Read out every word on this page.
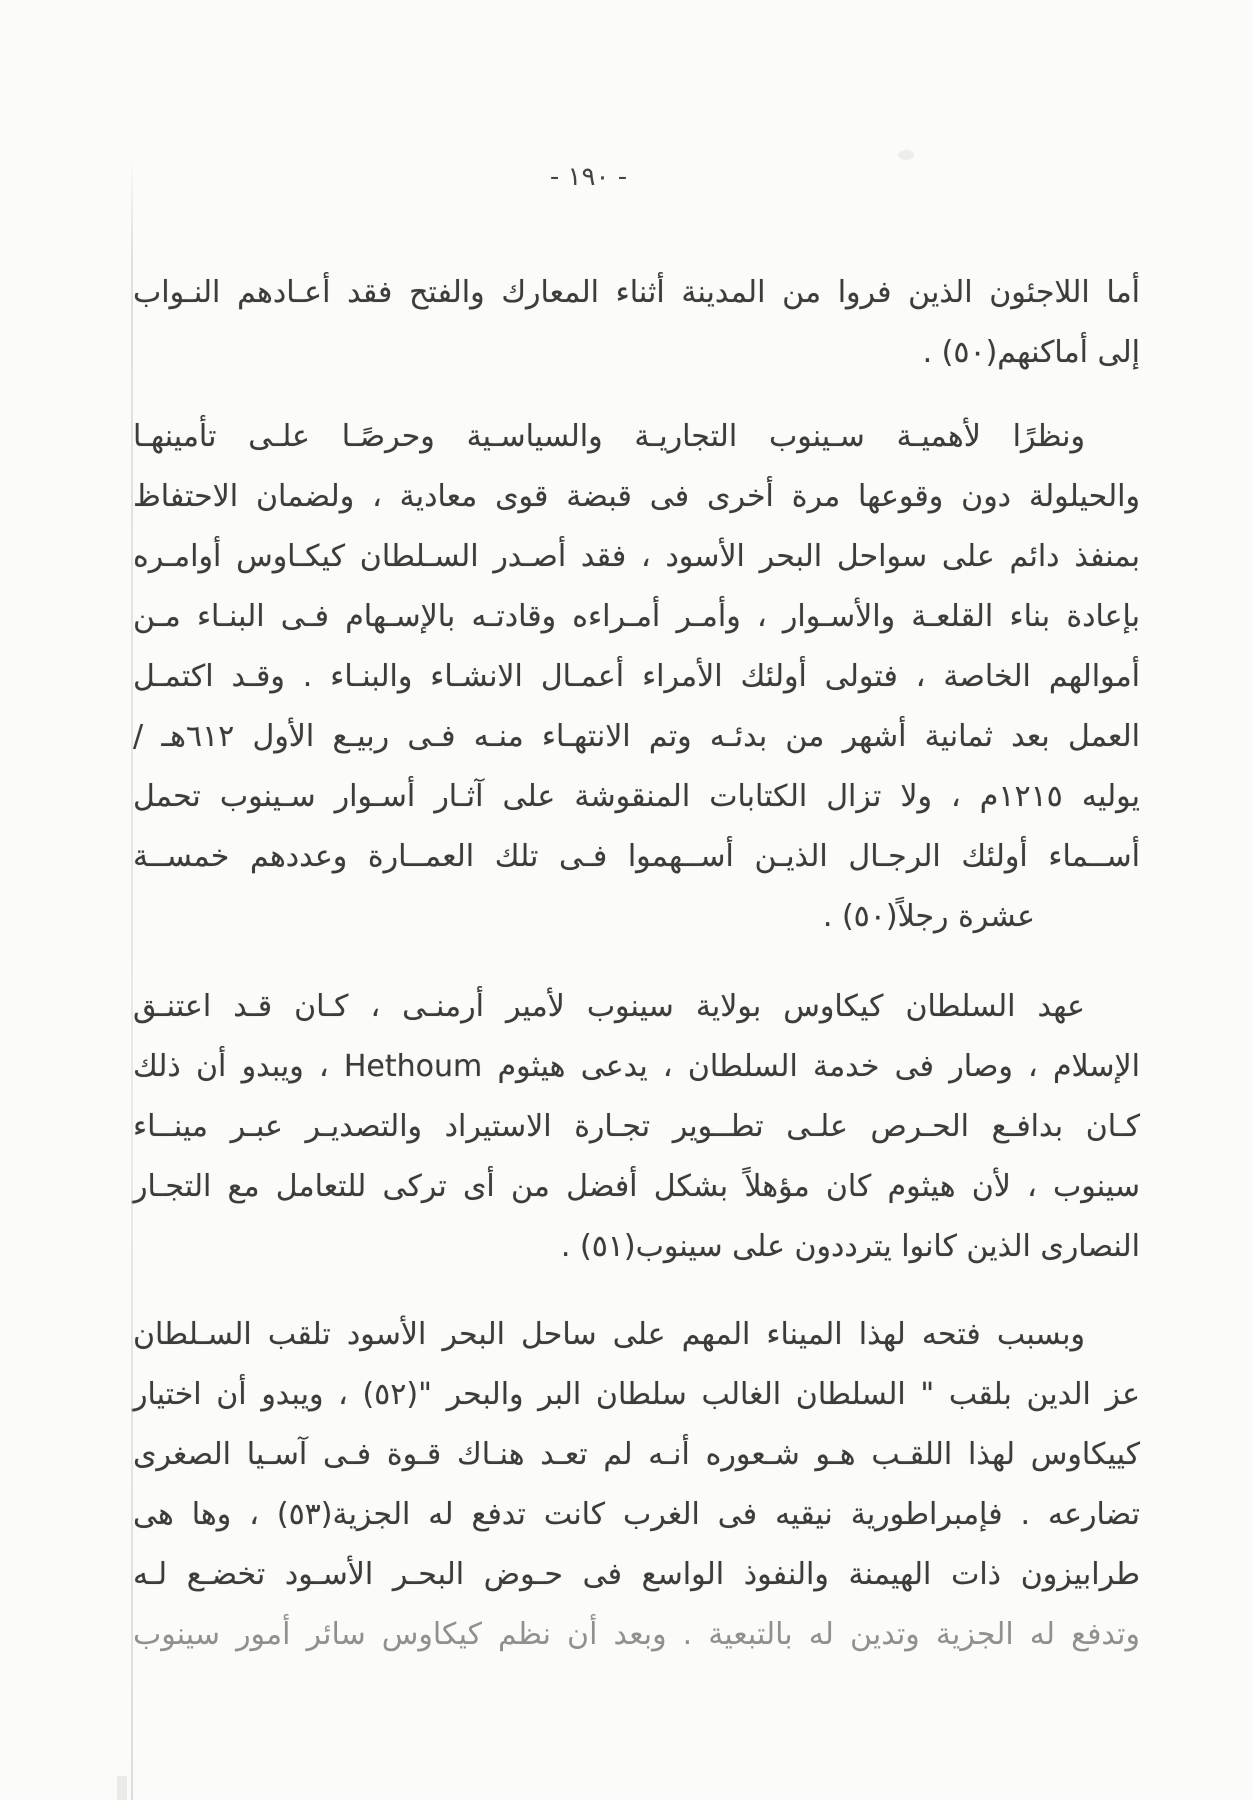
- ١٩٠ -
أما اللاجئون الذين فروا من المدينة أثناء المعارك والفتح فقد أعـادهم النـواب
إلى أماكنهم(٥٠) .
ونظرًا لأهميـة سـينوب التجاريـة والسياسـية وحرصًـا علـى تأمينهـا
والحيلولة دون وقوعها مرة أخرى فى قبضة قوى معادية ، ولضمان الاحتفاظ
بمنفذ دائم على سواحل البحر الأسود ، فقد أصـدر السـلطان كيكـاوس أوامـره
بإعادة بناء القلعـة والأسـوار ، وأمـر أمـراءه وقادتـه بالإسـهام فـى البنـاء مـن
أموالهم الخاصة ، فتولى أولئك الأمراء أعمـال الانشـاء والبنـاء . وقـد اكتمـل
العمل بعد ثمانية أشهر من بدئـه وتم الانتهـاء منـه فـى ربيـع الأول ٦١٢هـ /
يوليه ١٢١٥م ، ولا تزال الكتابات المنقوشة على آثـار أسـوار سـينوب تحمل
أســماء أولئك الرجـال الذيـن أســهموا فـى تلك العمــارة وعددهم خمســة
عشرة رجلاً(٥٠) .
عهد السلطان كيكاوس بولاية سينوب لأمير أرمنـى ، كـان قـد اعتنـق
الإسلام ، وصار فى خدمة السلطان ، يدعى هيثوم Hethoum ، ويبدو أن ذلك
كـان بدافـع الحـرص علـى تطــوير تجـارة الاستيراد والتصديـر عبـر مينــاء
سينوب ، لأن هيثوم كان مؤهلاً بشكل أفضل من أى تركى للتعامل مع التجـار
النصارى الذين كانوا يترددون على سينوب(٥١) .
وبسبب فتحه لهذا الميناء المهم على ساحل البحر الأسود تلقب السـلطان
عز الدين بلقب " السلطان الغالب سلطان البر والبحر "(٥٢) ، ويبدو أن اختيار
كييكاوس لهذا اللقـب هـو شـعوره أنـه لم تعـد هنـاك قـوة فـى آسـيا الصغرى
تضارعه . فإمبراطورية نيقيه فى الغرب كانت تدفع له الجزية(٥٣) ، وها هى
طرابيزون ذات الهيمنة والنفوذ الواسع فى حـوض البحـر الأسـود تخضـع لـه
وتدفع له الجزية وتدين له بالتبعية . وبعد أن نظم كيكاوس سائر أمور سينوب
